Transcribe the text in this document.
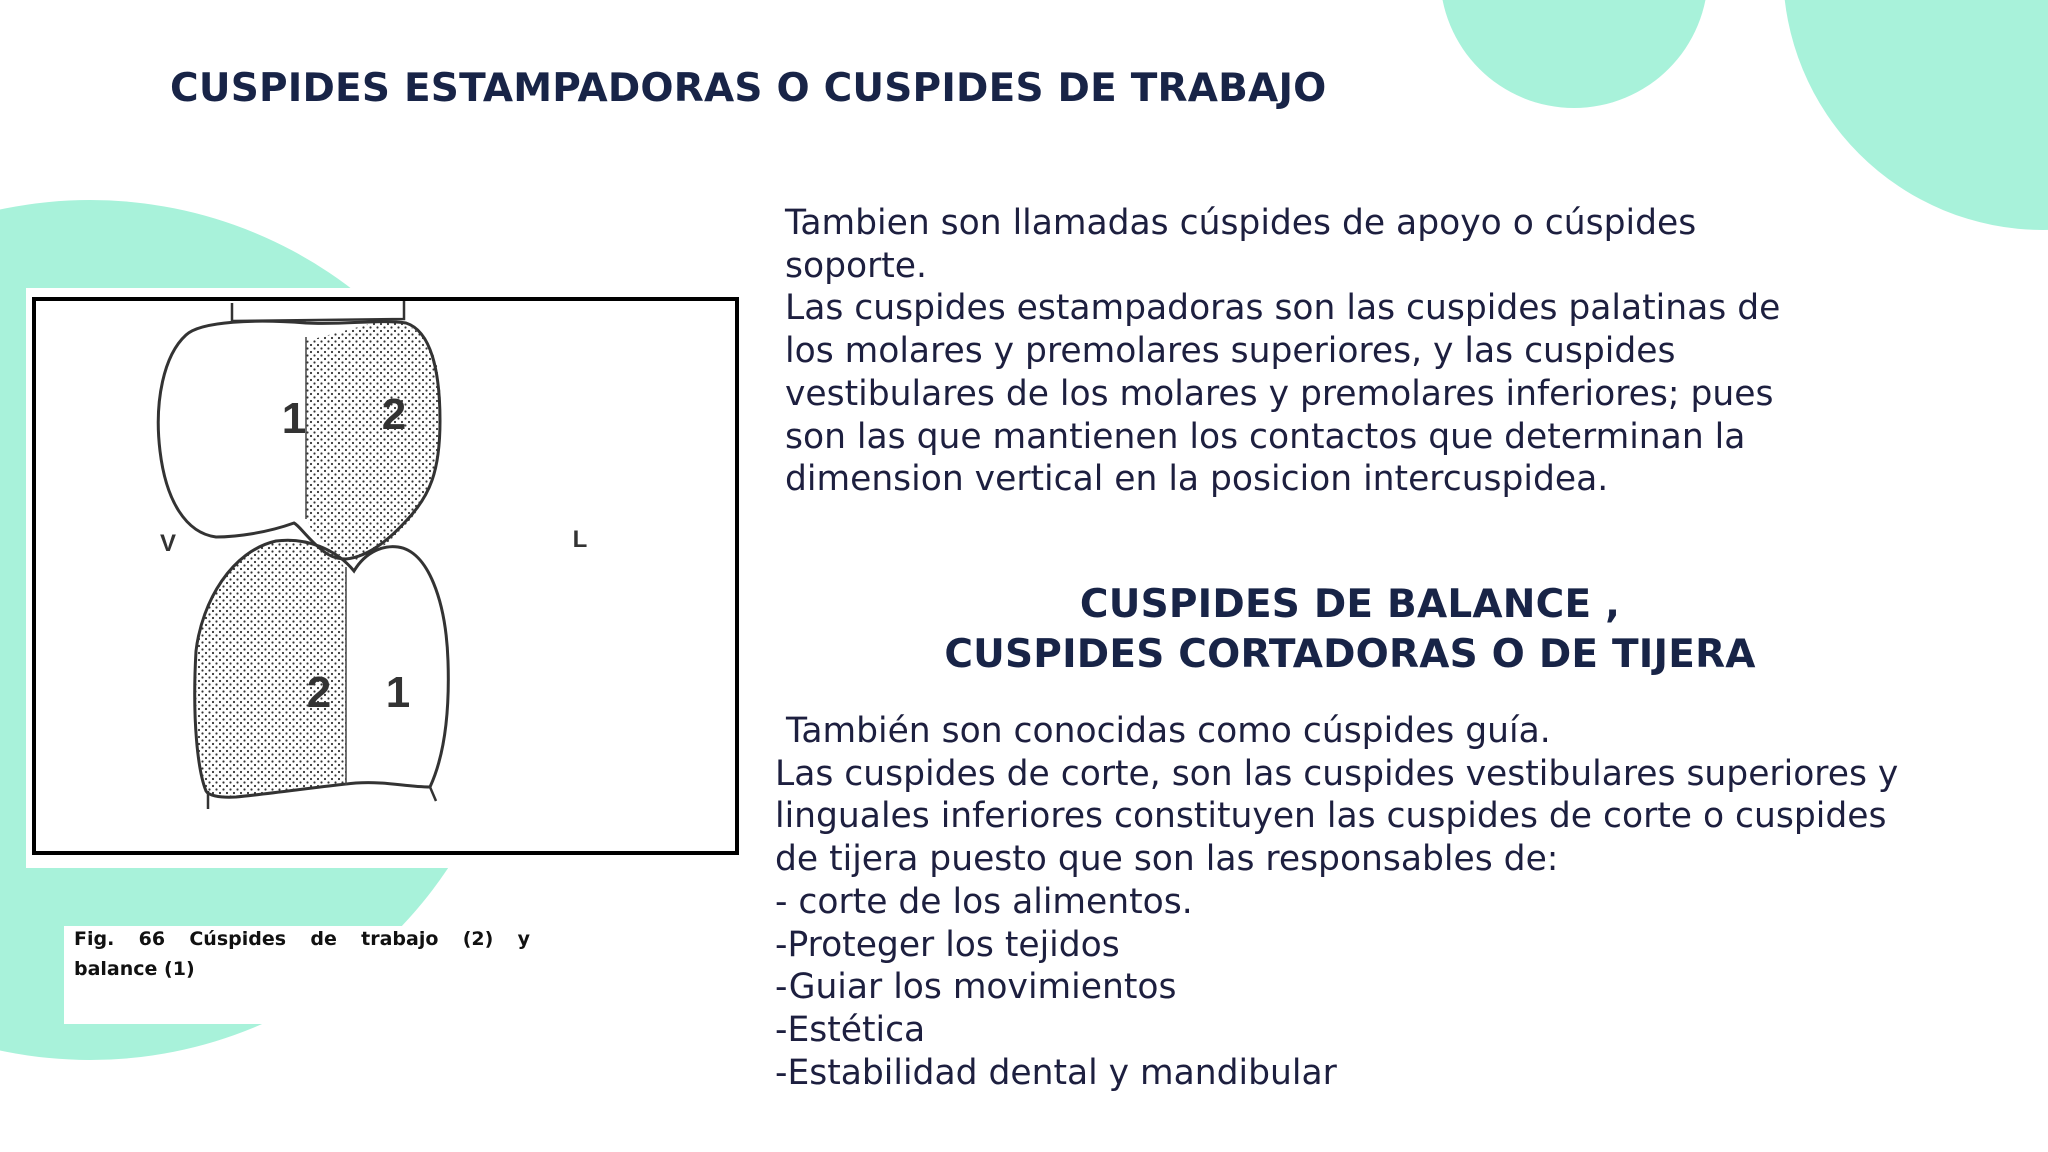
CUSPIDES ESTAMPADORAS O CUSPIDES DE TRABAJO
1 2
2 1
V	L

Fig. 66 Cúspides de trabajo (2) y
balance (1)

Tambien son llamadas cúspides de apoyo o cúspides
soporte.
Las cuspides estampadoras son las cuspides palatinas de
los molares y premolares superiores, y las cuspides
vestibulares de los molares y premolares inferiores; pues
son las que mantienen los contactos que determinan la
dimension vertical en la posicion intercuspidea.
CUSPIDES DE BALANCE ,
CUSPIDES CORTADORAS O DE TIJERA
También son conocidas como cúspides guía.
Las cuspides de corte, son las cuspides vestibulares superiores y
linguales inferiores constituyen las cuspides de corte o cuspides
de tijera puesto que son las responsables de:
- corte de los alimentos.
-Proteger los tejidos
-Guiar los movimientos
-Estética
-Estabilidad dental y mandibular
